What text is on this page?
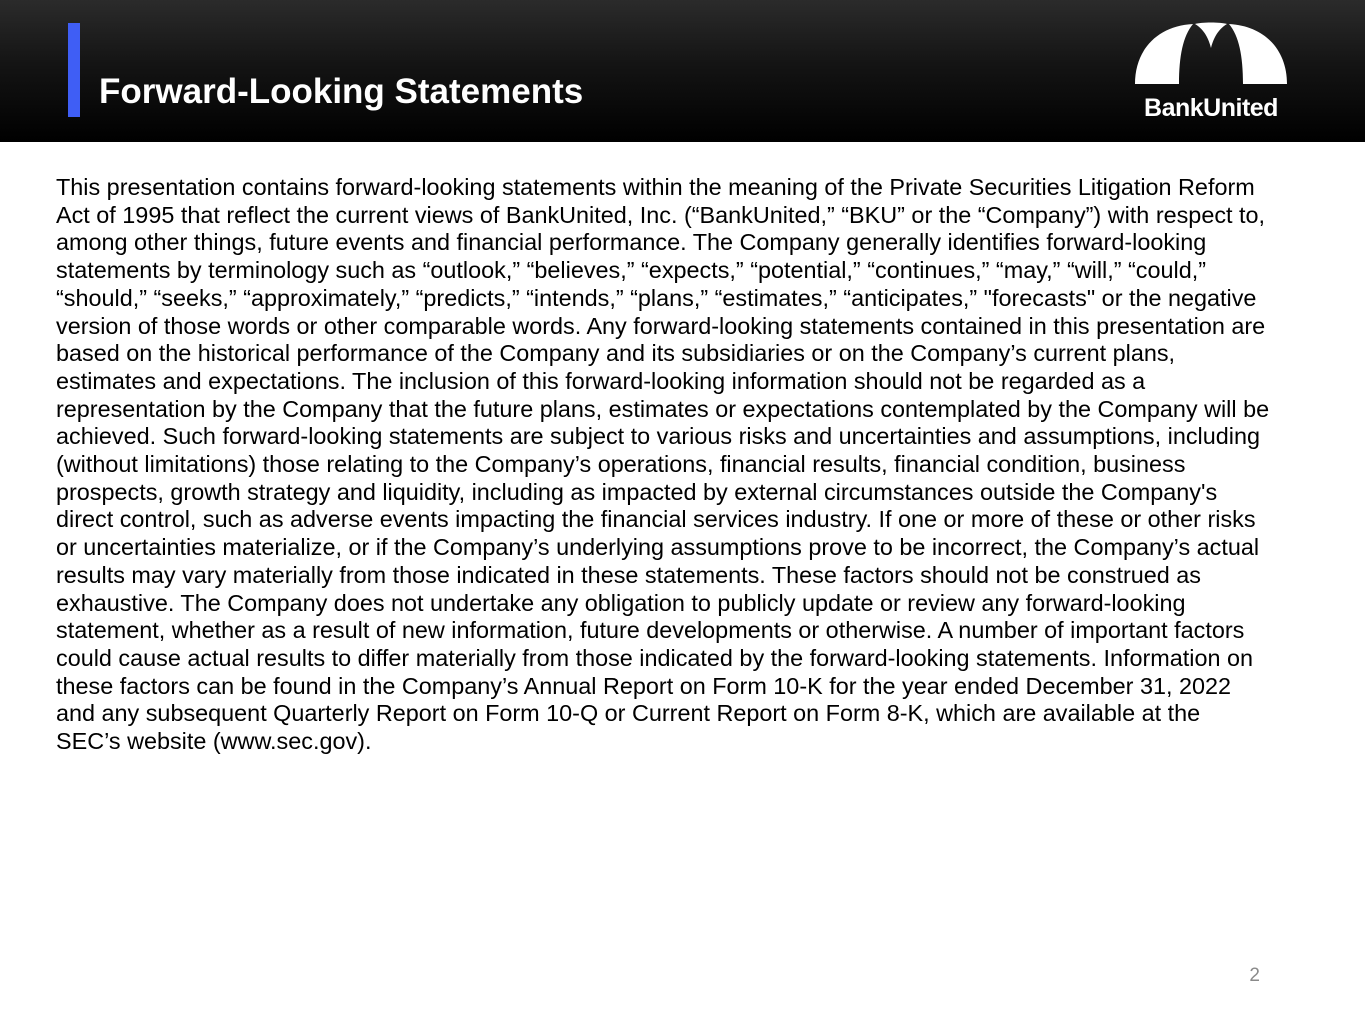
Forward-Looking Statements	BankUnited

This presentation contains forward-looking statements within the meaning of the Private Securities Litigation Reform Act of 1995 that reflect the current views of BankUnited, Inc. (“BankUnited,” “BKU” or the “Company”) with respect to, among other things, future events and financial performance. The Company generally identifies forward-looking statements by terminology such as “outlook,” “believes,” “expects,” “potential,” “continues,” “may,” “will,” “could,” “should,” “seeks,” “approximately,” “predicts,” “intends,” “plans,” “estimates,” “anticipates,” "forecasts" or the negative version of those words or other comparable words. Any forward-looking statements contained in this presentation are based on the historical performance of the Company and its subsidiaries or on the Company’s current plans, estimates and expectations. The inclusion of this forward-looking information should not be regarded as a representation by the Company that the future plans, estimates or expectations contemplated by the Company will be achieved. Such forward-looking statements are subject to various risks and uncertainties and assumptions, including (without limitations) those relating to the Company’s operations, financial results, financial condition, business prospects, growth strategy and liquidity, including as impacted by external circumstances outside the Company's direct control, such as adverse events impacting the financial services industry. If one or more of these or other risks or uncertainties materialize, or if the Company’s underlying assumptions prove to be incorrect, the Company’s actual results may vary materially from those indicated in these statements. These factors should not be construed as exhaustive. The Company does not undertake any obligation to publicly update or review any forward-looking statement, whether as a result of new information, future developments or otherwise. A number of important factors could cause actual results to differ materially from those indicated by the forward-looking statements. Information on these factors can be found in the Company’s Annual Report on Form 10-K for the year ended December 31, 2022 and any subsequent Quarterly Report on Form 10-Q or Current Report on Form 8-K, which are available at the SEC’s website (www.sec.gov).

2
